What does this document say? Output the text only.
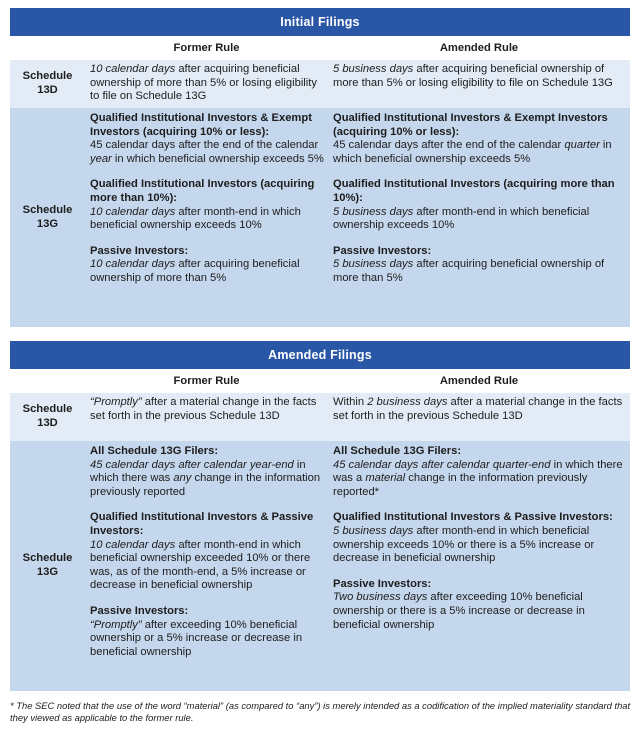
Initial Filings
Former Rule	Amended Rule
Schedule 13D
10 calendar days after acquiring beneficial ownership of more than 5% or losing eligibility to file on Schedule 13G
5 business days after acquiring beneficial ownership of more than 5% or losing eligibility to file on Schedule 13G
Schedule 13G
Qualified Institutional Investors & Exempt Investors (acquiring 10% or less):
45 calendar days after the end of the calendar year in which beneficial ownership exceeds 5%
Qualified Institutional Investors (acquiring more than 10%):
10 calendar days after month-end in which beneficial ownership exceeds 10%
Passive Investors:
10 calendar days after acquiring beneficial ownership of more than 5%
Qualified Institutional Investors & Exempt Investors (acquiring 10% or less):
45 calendar days after the end of the calendar quarter in which beneficial ownership exceeds 5%
Qualified Institutional Investors (acquiring more than 10%):
5 business days after month-end in which beneficial ownership exceeds 10%
Passive Investors:
5 business days after acquiring beneficial ownership of more than 5%
Amended Filings
Former Rule	Amended Rule
Schedule 13D
“Promptly” after a material change in the facts set forth in the previous Schedule 13D
Within 2 business days after a material change in the facts set forth in the previous Schedule 13D
Schedule 13G
All Schedule 13G Filers:
45 calendar days after calendar year-end in which there was any change in the information previously reported
Qualified Institutional Investors & Passive Investors:
10 calendar days after month-end in which beneficial ownership exceeded 10% or there was, as of the month-end, a 5% increase or decrease in beneficial ownership
Passive Investors:
“Promptly” after exceeding 10% beneficial ownership or a 5% increase or decrease in beneficial ownership
All Schedule 13G Filers:
45 calendar days after calendar quarter-end in which there was a material change in the information previously reported*
Qualified Institutional Investors & Passive Investors:
5 business days after month-end in which beneficial ownership exceeds 10% or there is a 5% increase or decrease in beneficial ownership
Passive Investors:
Two business days after exceeding 10% beneficial ownership or there is a 5% increase or decrease in beneficial ownership
* The SEC noted that the use of the word “material” (as compared to “any”) is merely intended as a codification of the implied materiality standard that they viewed as applicable to the former rule.
